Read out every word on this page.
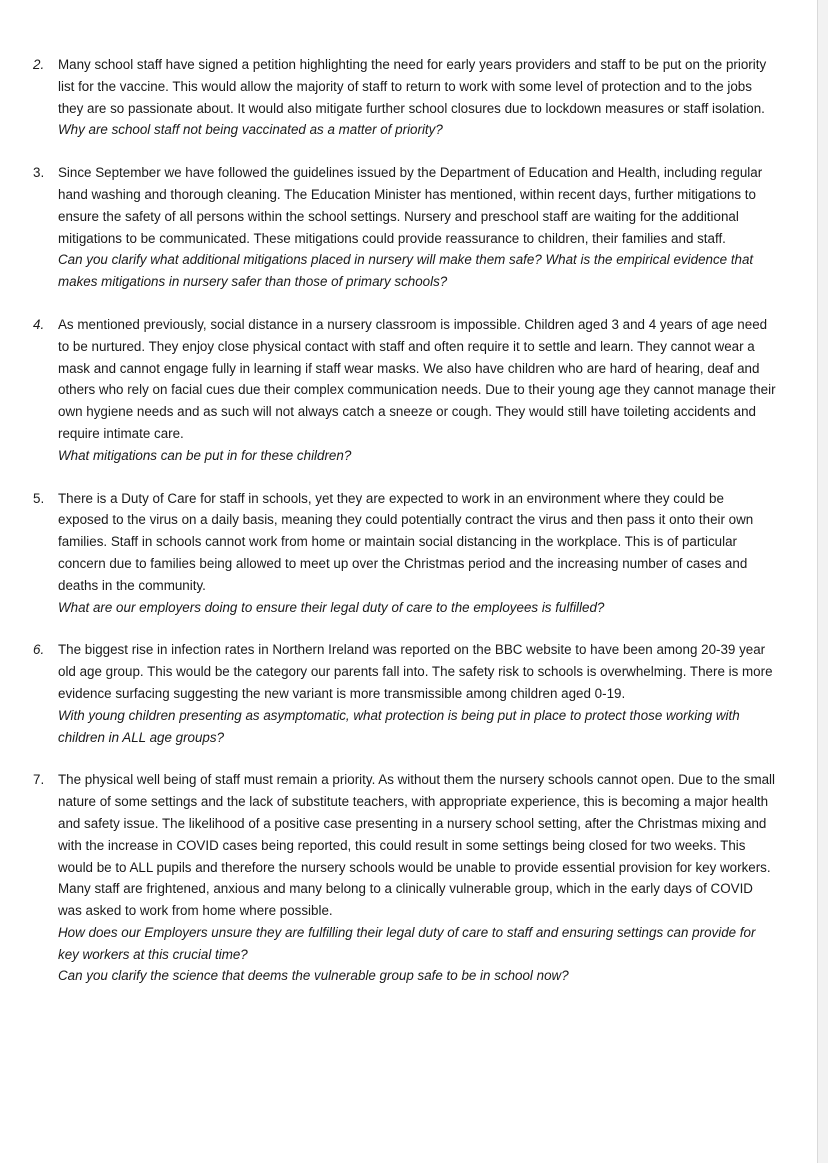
2. Many school staff have signed a petition highlighting the need for early years providers and staff to be put on the priority list for the vaccine. This would allow the majority of staff to return to work with some level of protection and to the jobs they are so passionate about. It would also mitigate further school closures due to lockdown measures or staff isolation.

Why are school staff not being vaccinated as a matter of priority?

3. Since September we have followed the guidelines issued by the Department of Education and Health, including regular hand washing and thorough cleaning. The Education Minister has mentioned, within recent days, further mitigations to ensure the safety of all persons within the school settings. Nursery and preschool staff are waiting for the additional mitigations to be communicated. These mitigations could provide reassurance to children, their families and staff.

Can you clarify what additional mitigations placed in nursery will make them safe? What is the empirical evidence that makes mitigations in nursery safer than those of primary schools?

4. As mentioned previously, social distance in a nursery classroom is impossible. Children aged 3 and 4 years of age need to be nurtured. They enjoy close physical contact with staff and often require it to settle and learn. They cannot wear a mask and cannot engage fully in learning if staff wear masks. We also have children who are hard of hearing, deaf and others who rely on facial cues due their complex communication needs. Due to their young age they cannot manage their own hygiene needs and as such will not always catch a sneeze or cough. They would still have toileting accidents and require intimate care.

What mitigations can be put in for these children?

5. There is a Duty of Care for staff in schools, yet they are expected to work in an environment where they could be exposed to the virus on a daily basis, meaning they could potentially contract the virus and then pass it onto their own families. Staff in schools cannot work from home or maintain social distancing in the workplace. This is of particular concern due to families being allowed to meet up over the Christmas period and the increasing number of cases and deaths in the community.

What are our employers doing to ensure their legal duty of care to the employees is fulfilled?

6. The biggest rise in infection rates in Northern Ireland was reported on the BBC website to have been among 20-39 year old age group. This would be the category our parents fall into. The safety risk to schools is overwhelming. There is more evidence surfacing suggesting the new variant is more transmissible among children aged 0-19.

With young children presenting as asymptomatic, what protection is being put in place to protect those working with children in ALL age groups?

7. The physical well being of staff must remain a priority. As without them the nursery schools cannot open. Due to the small nature of some settings and the lack of substitute teachers, with appropriate experience, this is becoming a major health and safety issue. The likelihood of a positive case presenting in a nursery school setting, after the Christmas mixing and with the increase in COVID cases being reported, this could result in some settings being closed for two weeks. This would be to ALL pupils and therefore the nursery schools would be unable to provide essential provision for key workers.

Many staff are frightened, anxious and many belong to a clinically vulnerable group, which in the early days of COVID was asked to work from home where possible.

How does our Employers unsure they are fulfilling their legal duty of care to staff and ensuring settings can provide for key workers at this crucial time?

Can you clarify the science that deems the vulnerable group safe to be in school now?
